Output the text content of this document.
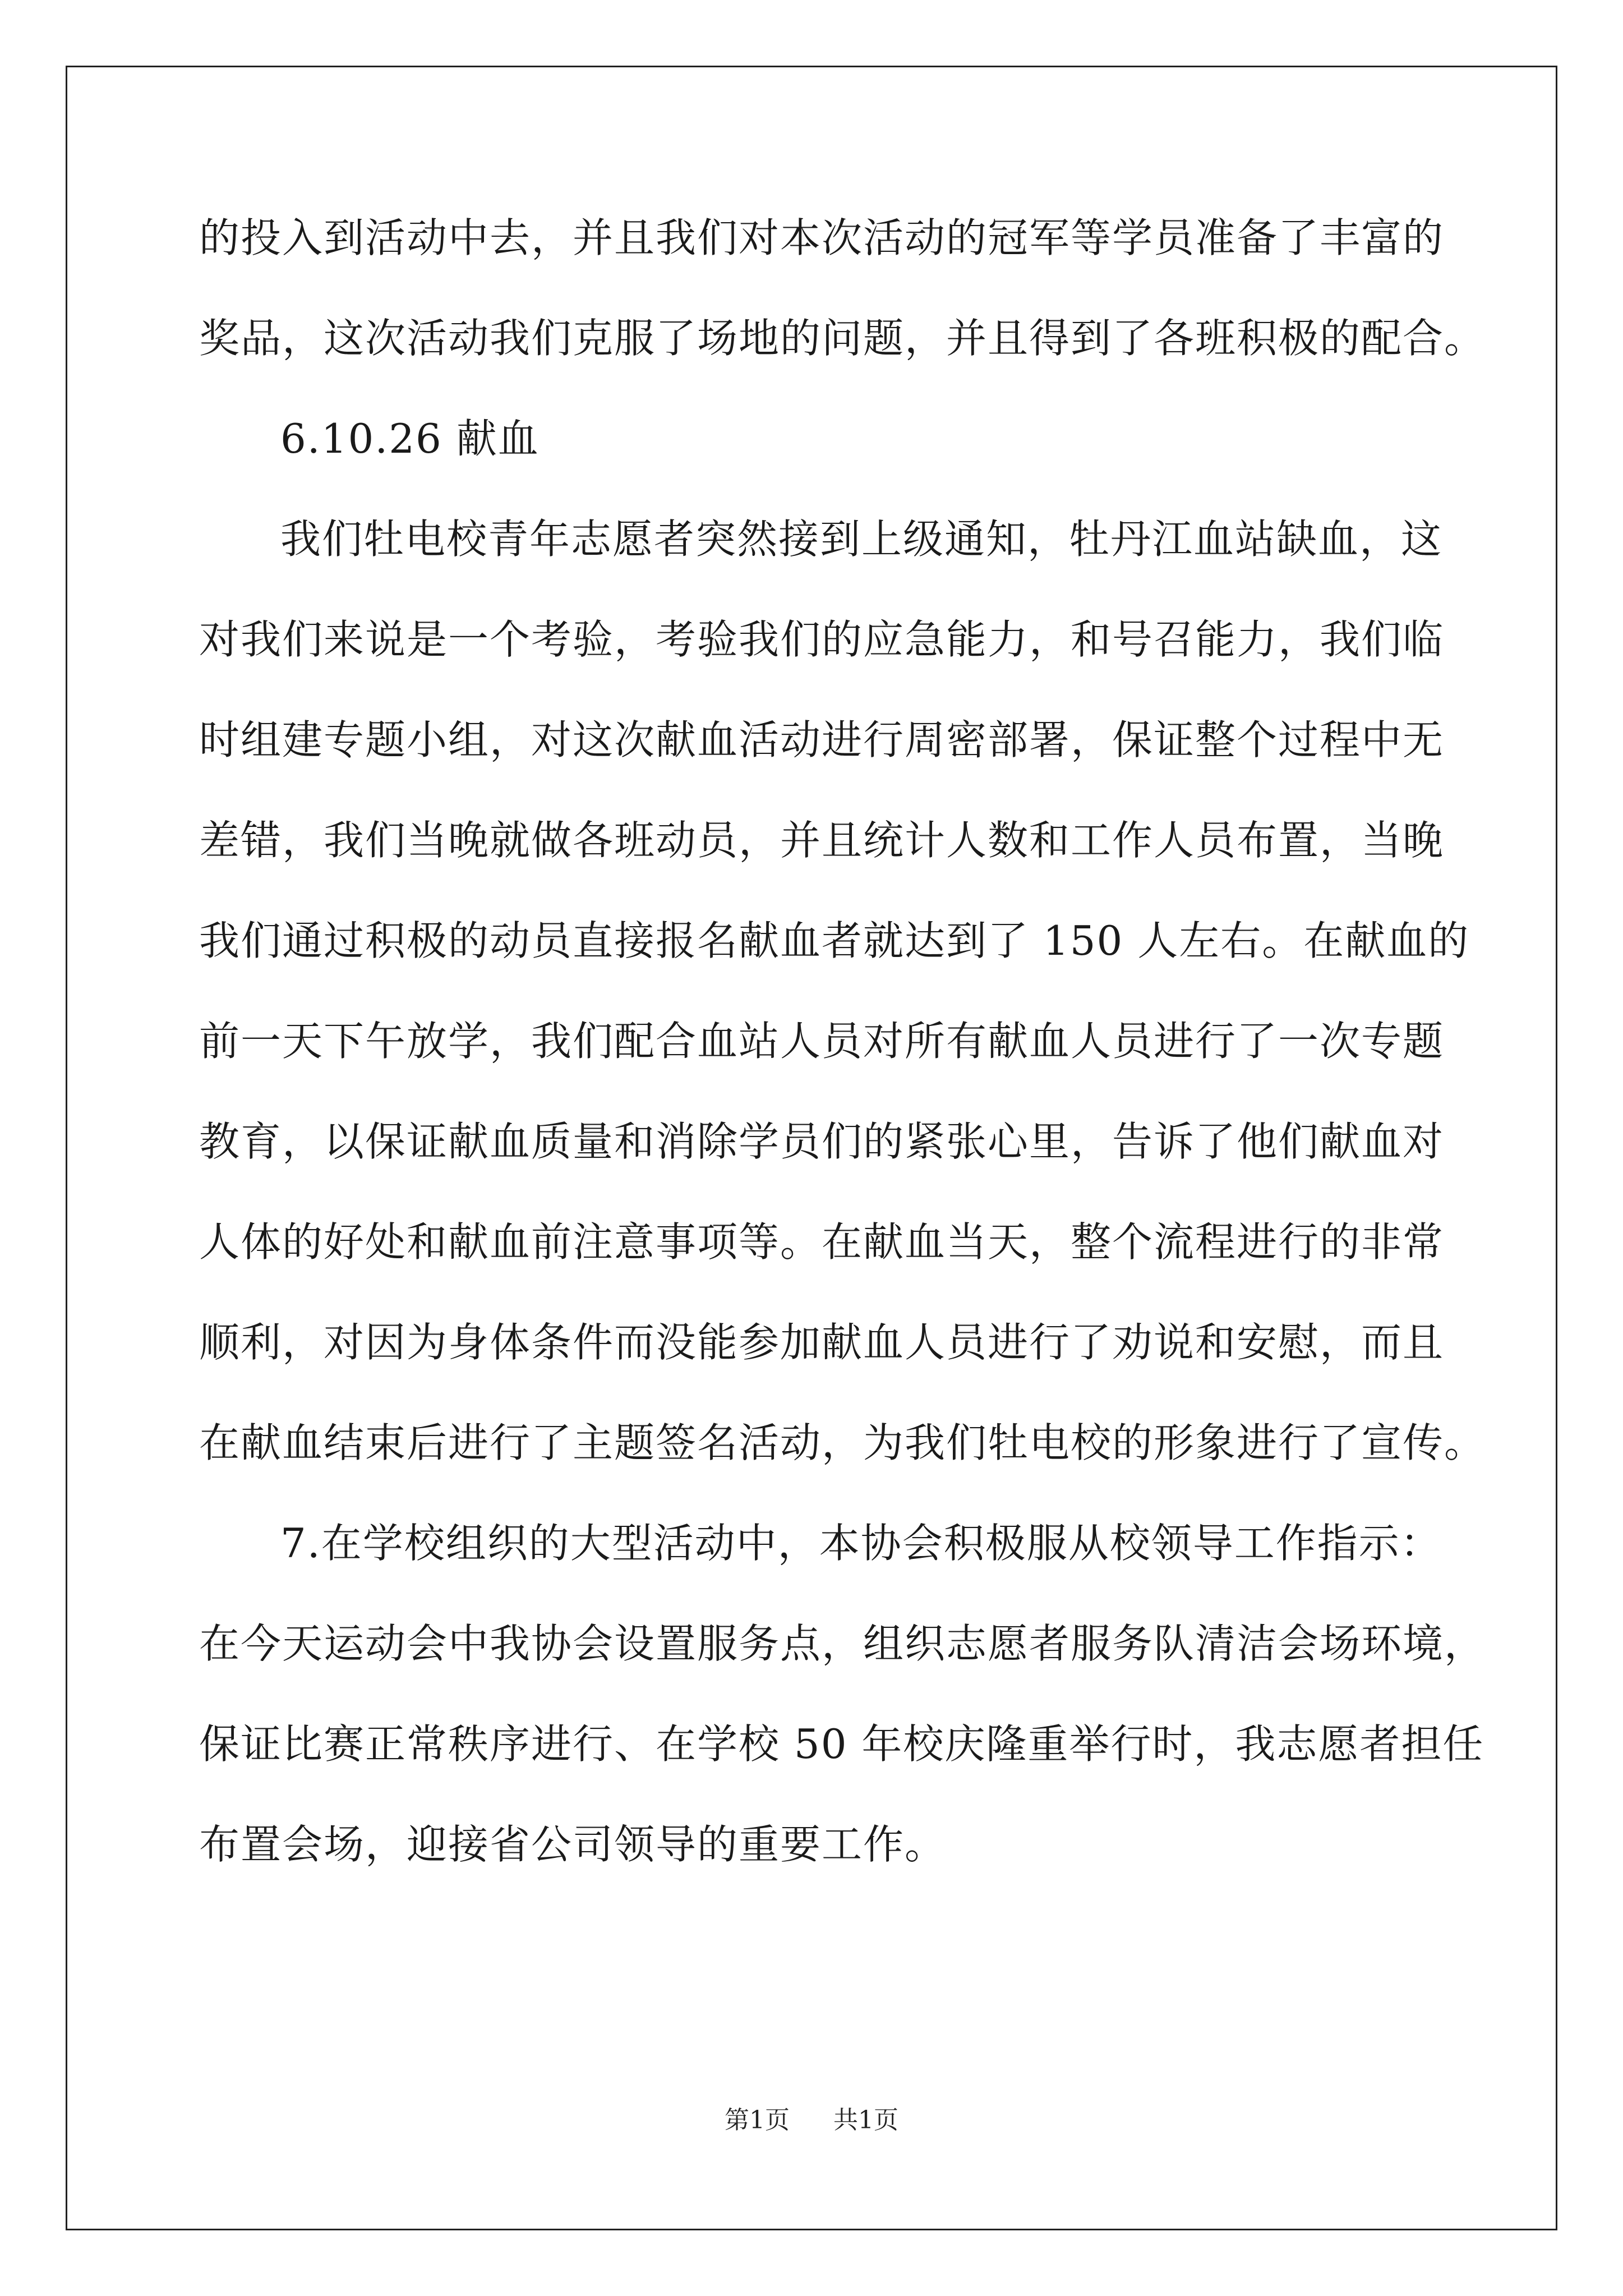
的投入到活动中去，并且我们对本次活动的冠军等学员准备了丰富的
奖品，这次活动我们克服了场地的问题，并且得到了各班积极的配合。
6.10.26 献血
我们牡电校青年志愿者突然接到上级通知，牡丹江血站缺血，这
对我们来说是一个考验，考验我们的应急能力，和号召能力，我们临
时组建专题小组，对这次献血活动进行周密部署，保证整个过程中无
差错，我们当晚就做各班动员，并且统计人数和工作人员布置，当晚
我们通过积极的动员直接报名献血者就达到了 150 人左右。在献血的
前一天下午放学，我们配合血站人员对所有献血人员进行了一次专题
教育，以保证献血质量和消除学员们的紧张心里，告诉了他们献血对
人体的好处和献血前注意事项等。在献血当天，整个流程进行的非常
顺利，对因为身体条件而没能参加献血人员进行了劝说和安慰，而且
在献血结束后进行了主题签名活动，为我们牡电校的形象进行了宣传。
7.在学校组织的大型活动中，本协会积极服从校领导工作指示：
在今天运动会中我协会设置服务点，组织志愿者服务队清洁会场环境，
保证比赛正常秩序进行、在学校 50 年校庆隆重举行时，我志愿者担任
布置会场，迎接省公司领导的重要工作。
第1页 共1页
